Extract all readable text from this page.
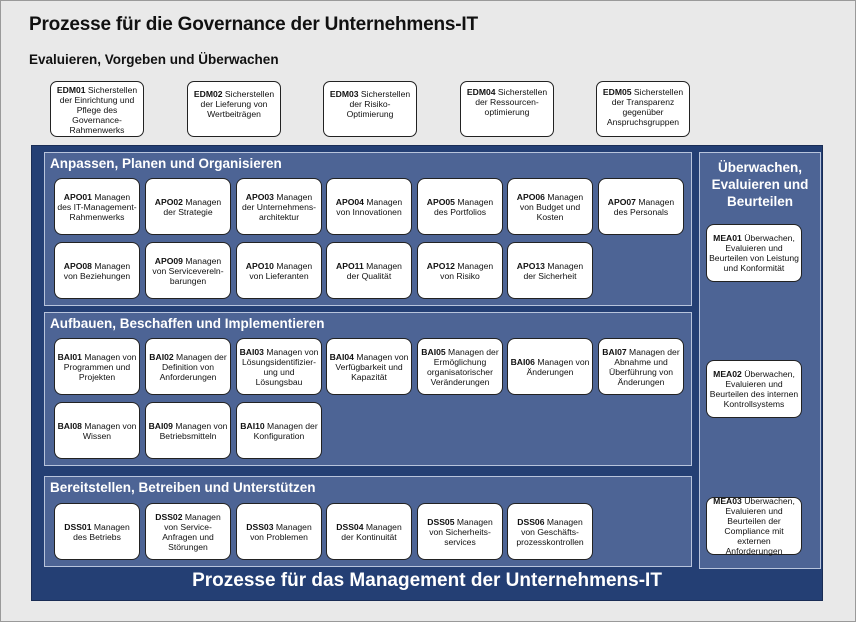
Prozesse für die Governance der Unternehmens-IT
Evaluieren, Vorgeben und Überwachen
EDM01 Sicherstellen der Einrichtung und Pflege des Governance-Rahmenwerks
EDM02 Sicherstellen der Lieferung von Wertbeiträgen
EDM03 Sicherstellen der Risiko-Optimierung
EDM04 Sicherstellen der Ressourcen-optimierung
EDM05 Sicherstellen der Transparenz gegenüber Anspruchsgruppen
Anpassen, Planen und Organisieren
APO01 Managen des IT-Management-Rahmenwerks
APO02 Managen der Strategie
APO03 Managen der Unternehmens-architektur
APO04 Managen von Innovationen
APO05 Managen des Portfolios
APO06 Managen von Budget und Kosten
APO07 Managen des Personals
APO08 Managen von Beziehungen
APO09 Managen von Servicevereln-barungen
APO10 Managen von Lieferanten
APO11 Managen der Qualität
APO12 Managen von Risiko
APO13 Managen der Sicherheit
Aufbauen, Beschaffen und Implementieren
BAI01 Managen von Programmen und Projekten
BAI02 Managen der Definition von Anforderungen
BAI03 Managen von Lösungsidentifizier-ung und Lösungsbau
BAI04 Managen von Verfügbarkeit und Kapazität
BAI05 Managen der Ermöglichung organisatorischer Veränderungen
BAI06 Managen von Änderungen
BAI07 Managen der Abnahme und Überführung von Änderungen
BAI08 Managen von Wissen
BAI09 Managen von Betriebsmitteln
BAI10 Managen der Konfiguration
Bereitstellen, Betreiben und Unterstützen
DSS01 Managen des Betriebs
DSS02 Managen von Service-Anfragen und Störungen
DSS03 Managen von Problemen
DSS04 Managen der Kontinuität
DSS05 Managen von Sicherheits-services
DSS06 Managen von Geschäfts-prozesskontrollen
Überwachen, Evaluieren und Beurteilen
MEA01 Überwachen, Evaluieren und Beurteilen von Leistung und Konformität
MEA02 Überwachen, Evaluieren und Beurteilen des internen Kontrollsystems
MEA03 Überwachen, Evaluieren und Beurteilen der Compliance mit externen Anforderungen
Prozesse für das Management der Unternehmens-IT
